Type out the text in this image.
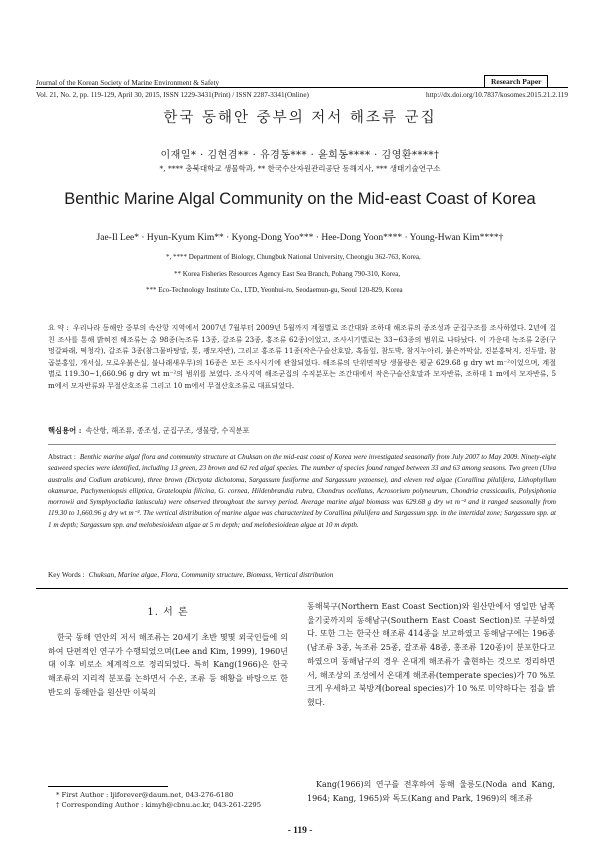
Journal of the Korean Society of Marine Environment & Safety	Research Paper
Vol. 21, No. 2, pp. 119-129, April 30, 2015, ISSN 1229-3431(Print) / ISSN 2287-3341(Online)	http://dx.doi.org/10.7837/kosomes.2015.21.2.119
한국 동해안 중부의 저서 해조류 군집
이재일* · 김현겸** · 유경동*** · 윤희동**** · 김영환****†
*, **** 충북대학교 생물학과, ** 한국수산자원관리공단 동해지사, *** 생태기술연구소
Benthic Marine Algal Community on the Mid-east Coast of Korea
Jae-Il Lee* · Hyun-Kyum Kim** · Kyong-Dong Yoo*** · Hee-Dong Yoon**** · Young-Hwan Kim****†
*, **** Department of Biology, Chungbuk National University, Cheongju 362-763, Korea,
** Korea Fisheries Resources Agency East Sea Branch, Pohang 790-310, Korea,
*** Eco-Technology Institute Co., LTD, Yeonhui-ro, Seodaemun-gu, Seoul 120-829, Korea
요 약 : 우리나라 동해안 중부의 속산항 지역에서 2007년 7월부터 2009년 5월까지 계절별로 조간대와 조하대 해조류의 종조성과 군집구조를 조사하였다. 2년에 걸친 조사를 통해 밝혀진 해조류는 총 98종(녹조류 13종, 갈조류 23종, 홍조류 62종)이었고, 조사시기별로는 33~63종의 범위로 나타났다. 이 가운데 녹조류 2종(구멍갈파래, 떡청각), 갈조류 3종(참그물바탕말, 톳, 괭모자반), 그리고 홍조류 11종(작은구슬산호말, 혹돌잎, 참도박, 참지누아리, 붉은까막살, 진분홍딱지, 진두발, 참곱분홍잎, 개서실, 모로우붉은실, 불나래새우무)의 16종은 모든 조사시기에 관찰되었다. 해조류의 단위면적당 생물량은 평균 629.68 g dry wt m⁻²이었으며, 계절별로 119.30~1,660.96 g dry wt m⁻²의 범위를 보였다. 조사지역 해조군집의 수직분포는 조간대에서 작은구슬산호말과 모자반류, 조하대 1 m에서 모자반류, 5 m에서 모자반류와 무절산호조류 그리고 10 m에서 무절산호조류로 대표되었다.
핵심용어 : 속산항, 해조류, 종조성, 군집구조, 생물량, 수직분포
Abstract : Benthic marine algal flora and community structure at Chuksan on the mid-east coast of Korea were investigated seasonally from July 2007 to May 2009. Ninety-eight seaweed species were identified, including 13 green, 23 brown and 62 red algal species. The number of species found ranged between 33 and 63 among seasons. Two green (Ulva australis and Codium arabicum), three brown (Dictyota dichotoma, Sargassum fusiforme and Sargassum yezoense), and eleven red algae (Corallina pilulifera, Lithophyllum okamurae, Pachymeniopsis elliptica, Grateloupia filicina, G. cornea, Hildenbrandia rubra, Chondrus ocellatus, Acrosorium polyneurum, Chondria crassicaulis, Polysiphonia morrowii and Symphyocladia latiuscula) were observed throughout the survey period. Average marine algal biomass was 629.68 g dry wt m⁻² and it ranged seasonally from 119.30 to 1,660.96 g dry wt m⁻². The vertical distribution of marine algae was characterized by Corallina pilulifera and Sargassum spp. in the intertidal zone; Sargassum spp. at 1 m depth; Sargassum spp. and melobesioidean algae at 5 m depth; and melobesioidean algae at 10 m depth.
Key Words : Chuksan, Marine algae, Flora, Community structure, Biomass, Vertical distribution
1. 서 론
한국 동해 연안의 저서 해조류는 20세기 초반 몇몇 외국인들에 의하여 단편적인 연구가 수행되었으며(Lee and Kim, 1999), 1960년대 이후 비로소 체계적으로 정리되었다. 특히 Kang(1966)은 한국 해조류의 지리적 분포를 논하면서 수온, 조류 등 해황을 바탕으로 한반도의 동해안을 원산만 이북의
* First Author : ljiforever@daum.net, 043-276-6180
† Corresponding Author : kimyh@cbnu.ac.kr, 043-261-2295
동해북구(Northern East Coast Section)와 원산만에서 영일만 남쪽 울기곶까지의 동해남구(Southern East Coast Section)로 구분하였다. 또한 그는 한국산 해조류 414종을 보고하였고 동해남구에는 196종(남조류 3종, 녹조류 25종, 갈조류 48종, 홍조류 120종)이 분포한다고 하였으며 동해남구의 경우 온대계 해조류가 출현하는 것으로 정리하면서, 해조상의 조성에서 온대계 해조류(temperate species)가 70 %로 크게 우세하고 북방계(boreal species)가 10 %로 미약하다는 점을 밝혔다.
Kang(1966)의 연구를 전후하여 동해 울릉도(Noda and Kang, 1964; Kang, 1965)와 독도(Kang and Park, 1969)의 해조류
- 119 -
